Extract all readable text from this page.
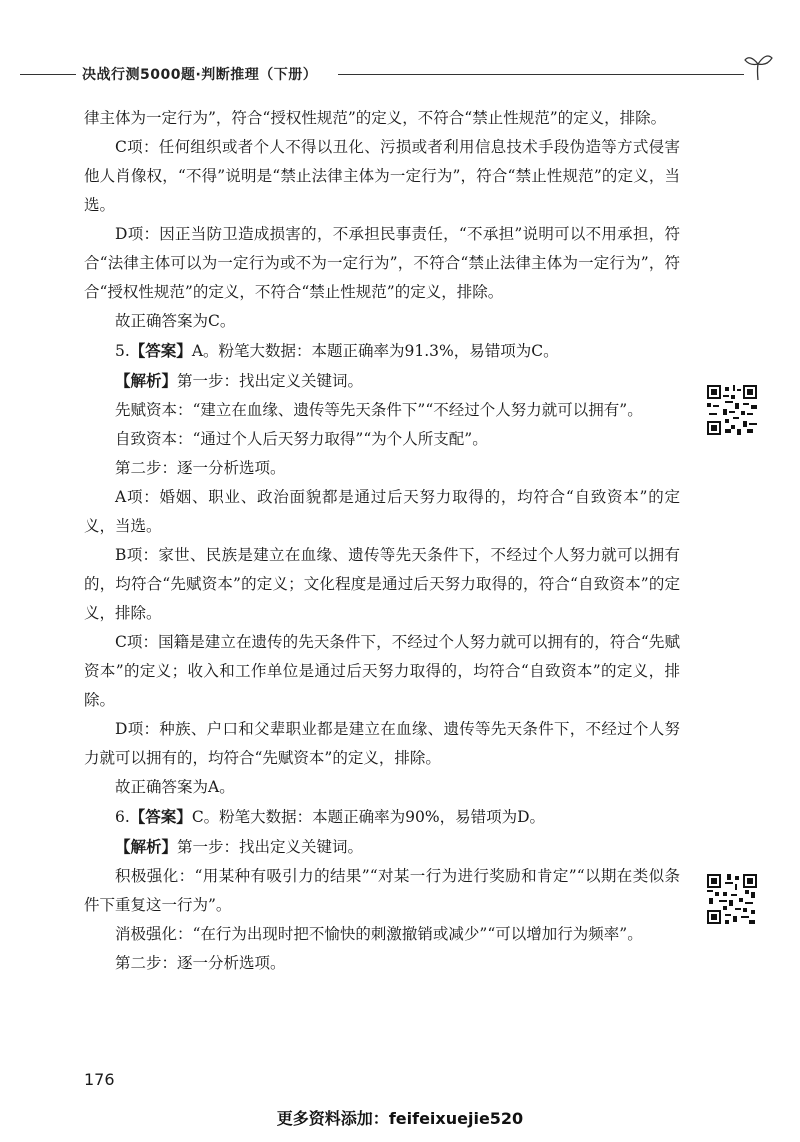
决战行测5000题·判断推理（下册）

律主体为一定行为”，符合“授权性规范”的定义，不符合“禁止性规范”的定义，排除。

C项：任何组织或者个人不得以丑化、污损或者利用信息技术手段伪造等方式侵害他人肖像权，“不得”说明是“禁止法律主体为一定行为”，符合“禁止性规范”的定义，当选。

D项：因正当防卫造成损害的，不承担民事责任，“不承担”说明可以不用承担，符合“法律主体可以为一定行为或不为一定行为”，不符合“禁止法律主体为一定行为”，符合“授权性规范”的定义，不符合“禁止性规范”的定义，排除。

故正确答案为C。

5.【答案】A。粉笔大数据：本题正确率为91.3%，易错项为C。

【解析】第一步：找出定义关键词。

先赋资本：“建立在血缘、遗传等先天条件下”“不经过个人努力就可以拥有”。

自致资本：“通过个人后天努力取得”“为个人所支配”。

第二步：逐一分析选项。

A项：婚姻、职业、政治面貌都是通过后天努力取得的，均符合“自致资本”的定义，当选。

B项：家世、民族是建立在血缘、遗传等先天条件下，不经过个人努力就可以拥有的，均符合“先赋资本”的定义；文化程度是通过后天努力取得的，符合“自致资本”的定义，排除。

C项：国籍是建立在遗传的先天条件下，不经过个人努力就可以拥有的，符合“先赋资本”的定义；收入和工作单位是通过后天努力取得的，均符合“自致资本”的定义，排除。

D项：种族、户口和父辈职业都是建立在血缘、遗传等先天条件下，不经过个人努力就可以拥有的，均符合“先赋资本”的定义，排除。

故正确答案为A。

6.【答案】C。粉笔大数据：本题正确率为90%，易错项为D。

【解析】第一步：找出定义关键词。

积极强化：“用某种有吸引力的结果”“对某一行为进行奖励和肯定”“以期在类似条件下重复这一行为”。

消极强化：“在行为出现时把不愉快的刺激撤销或减少”“可以增加行为频率”。

第二步：逐一分析选项。

176
更多资料添加：feifeixuejie520
